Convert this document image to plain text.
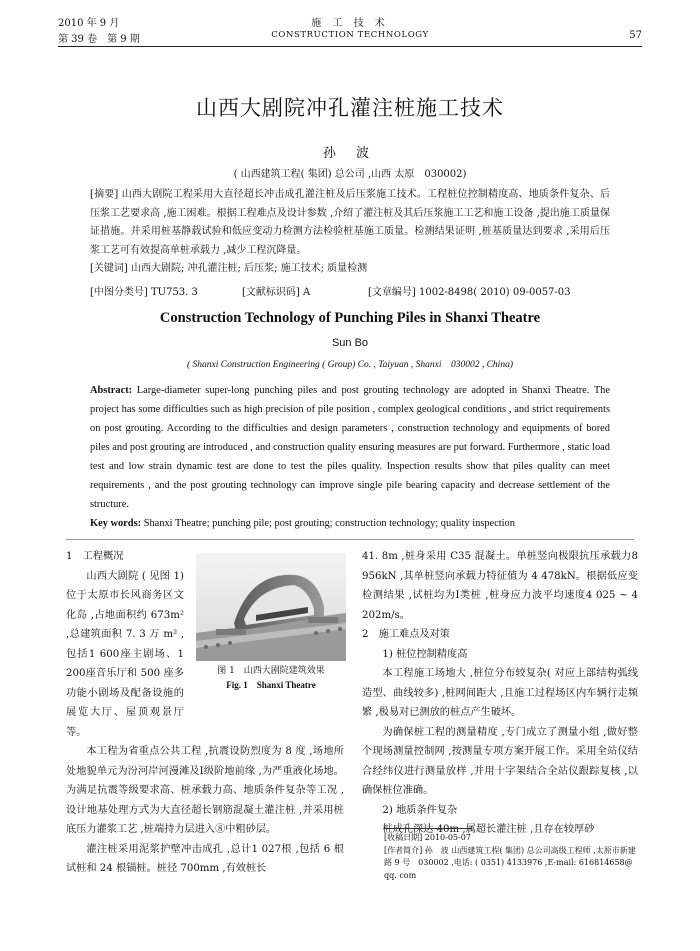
2010 年 9 月
第 39 卷　第 9 期
施 工 技 术
CONSTRUCTION TECHNOLOGY	57
山西大剧院冲孔灌注桩施工技术
孙 波
( 山西建筑工程( 集团) 总公司 ,山西 太原　030002)

[摘要] 山西大剧院工程采用大直径超长冲击成孔灌注桩及后压浆施工技术。工程桩位控制精度高、地质条件复杂、后压浆工艺要求高 ,施工困难。根据工程难点及设计参数 ,介绍了灌注桩及其后压浆施工工艺和施工设备 ,提出施工质量保证措施。并采用桩基静载试验和低应变动力检测方法检验桩基施工质量。检测结果证明 ,桩基质量达到要求 ,采用后压浆工艺可有效提高单桩承载力 ,减少工程沉降量。

[关键词] 山西大剧院; 冲孔灌注桩; 后压浆; 施工技术; 质量检测

[中图分类号] TU753. 3	[文献标识码] A	[文章编号] 1002-8498( 2010) 09-0057-03
Construction Technology of Punching Piles in Shanxi Theatre
Sun Bo
( Shanxi Construction Engineering ( Group) Co. , Taiyuan , Shanxi　030002 , China)

Abstract: Large-diameter super-long punching piles and post grouting technology are adopted in Shanxi Theatre. The project has some difficulties such as high precision of pile position , complex geological conditions , and strict requirements on post grouting. According to the difficulties and design parameters , construction technology and equipments of bored piles and post grouting are introduced , and construction quality ensuring measures are put forward. Furthermore , static load test and low strain dynamic test are done to test the piles quality. Inspection results show that piles quality can meet requirements , and the post grouting technology can improve single pile bearing capacity and decrease settlement of the structure.

Key words: Shanxi Theatre; punching pile; post grouting; construction technology; quality inspection

1　工程概况

山西大剧院 ( 见图 1) 位于太原市长风商务区文化岛 ,占地面积约 673m² ,总建筑面积 7. 3 万 m² ,包括1 600座主剧场、1 200座音乐厅和 500 座多功能小剧场及配备设施的展览大厅、屋顶观景厅等。

本工程为省重点公共工程 ,抗震设防烈度为 8 度 ,场地所处地貌单元为汾河岸河漫滩及Ⅰ级阶地前缘 ,为严重液化场地。为满足抗震等级要求高、桩承载力高、地质条件复杂等工况 ,设计地基处理方式为大直径超长钢筋混凝土灌注桩 ,并采用桩底压力灌浆工艺 ,桩端持力层进入⑧中粗砂层。

灌注桩采用泥浆护壁冲击成孔 ,总计1 027根 ,包括 6 根试桩和 24 根锚桩。桩径 700mm ,有效桩长

图 1　山西大剧院建筑效果
Fig. 1　Shanxi Theatre

41. 8m ,桩身采用 C35 混凝土。单桩竖向极限抗压承载力8 956kN ,其单桩竖向承载力特征值为 4 478kN。根据低应变检测结果 ,试桩均为Ⅰ类桩 ,桩身应力波平均速度4 025 ~ 4 202m/s。

2　施工难点及对策

1) 桩位控制精度高

本工程施工场地大 ,桩位分布较复杂( 对应上部结构弧线造型、曲线较多) ,桩网间距大 ,且施工过程场区内车辆行走频繁 ,极易对已测放的桩点产生破坏。

为确保桩工程的测量精度 ,专门成立了测量小组 ,做好整个现场测量控制网 ,按测量专项方案开展工作。采用全站仪结合经纬仪进行测量放样 ,并用十字架结合全站仪跟踪复核 ,以确保桩位准确。

2) 地质条件复杂

桩成孔深达 40m ,属超长灌注桩 ,且存在较厚砂

[收稿日期] 2010-05-07

[作者简介] 孙　波 山西建筑工程( 集团) 总公司高级工程师 ,太原市新建路 9 号　030002 ,电话: ( 0351) 4133976 ,E-mail: 616814658@ qq. com
